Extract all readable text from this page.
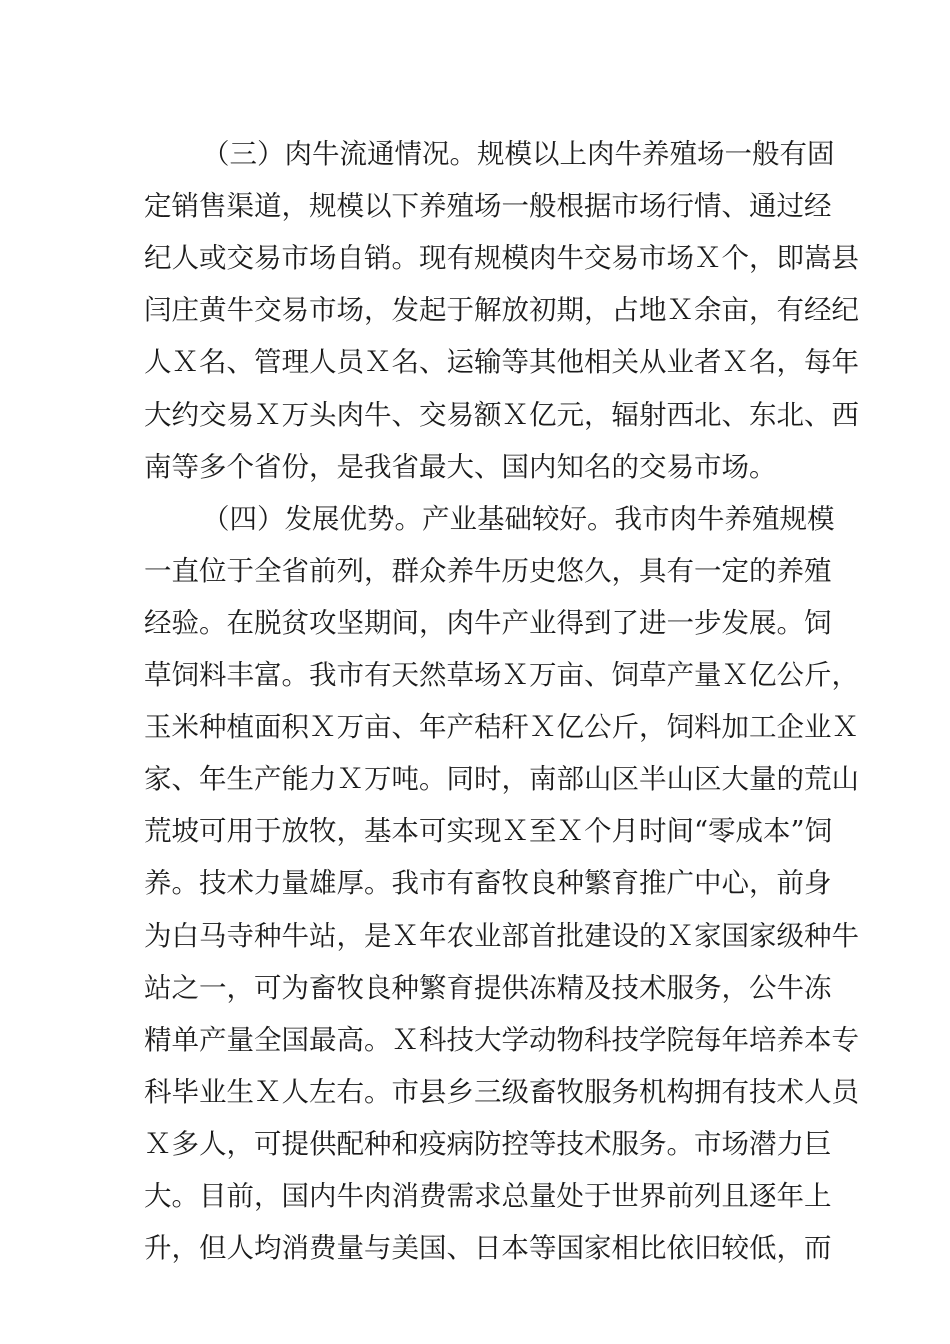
（三）肉牛流通情况。规模以上肉牛养殖场一般有固
定销售渠道，规模以下养殖场一般根据市场行情、通过经
纪人或交易市场自销。现有规模肉牛交易市场Ｘ个，即嵩县
闫庄黄牛交易市场，发起于解放初期，占地Ｘ余亩，有经纪
人Ｘ名、管理人员Ｘ名、运输等其他相关从业者Ｘ名，每年
大约交易Ｘ万头肉牛、交易额Ｘ亿元，辐射西北、东北、西
南等多个省份，是我省最大、国内知名的交易市场。
（四）发展优势。产业基础较好。我市肉牛养殖规模
一直位于全省前列，群众养牛历史悠久，具有一定的养殖
经验。在脱贫攻坚期间，肉牛产业得到了进一步发展。饲
草饲料丰富。我市有天然草场Ｘ万亩、饲草产量Ｘ亿公斤，
玉米种植面积Ｘ万亩、年产秸秆Ｘ亿公斤，饲料加工企业Ｘ
家、年生产能力Ｘ万吨。同时，南部山区半山区大量的荒山
荒坡可用于放牧，基本可实现Ｘ至Ｘ个月时间“零成本”饲
养。技术力量雄厚。我市有畜牧良种繁育推广中心，前身
为白马寺种牛站，是Ｘ年农业部首批建设的Ｘ家国家级种牛
站之一，可为畜牧良种繁育提供冻精及技术服务，公牛冻
精单产量全国最高。Ｘ科技大学动物科技学院每年培养本专
科毕业生Ｘ人左右。市县乡三级畜牧服务机构拥有技术人员
Ｘ多人，可提供配种和疫病防控等技术服务。市场潜力巨
大。目前，国内牛肉消费需求总量处于世界前列且逐年上
升，但人均消费量与美国、日本等国家相比依旧较低，而
